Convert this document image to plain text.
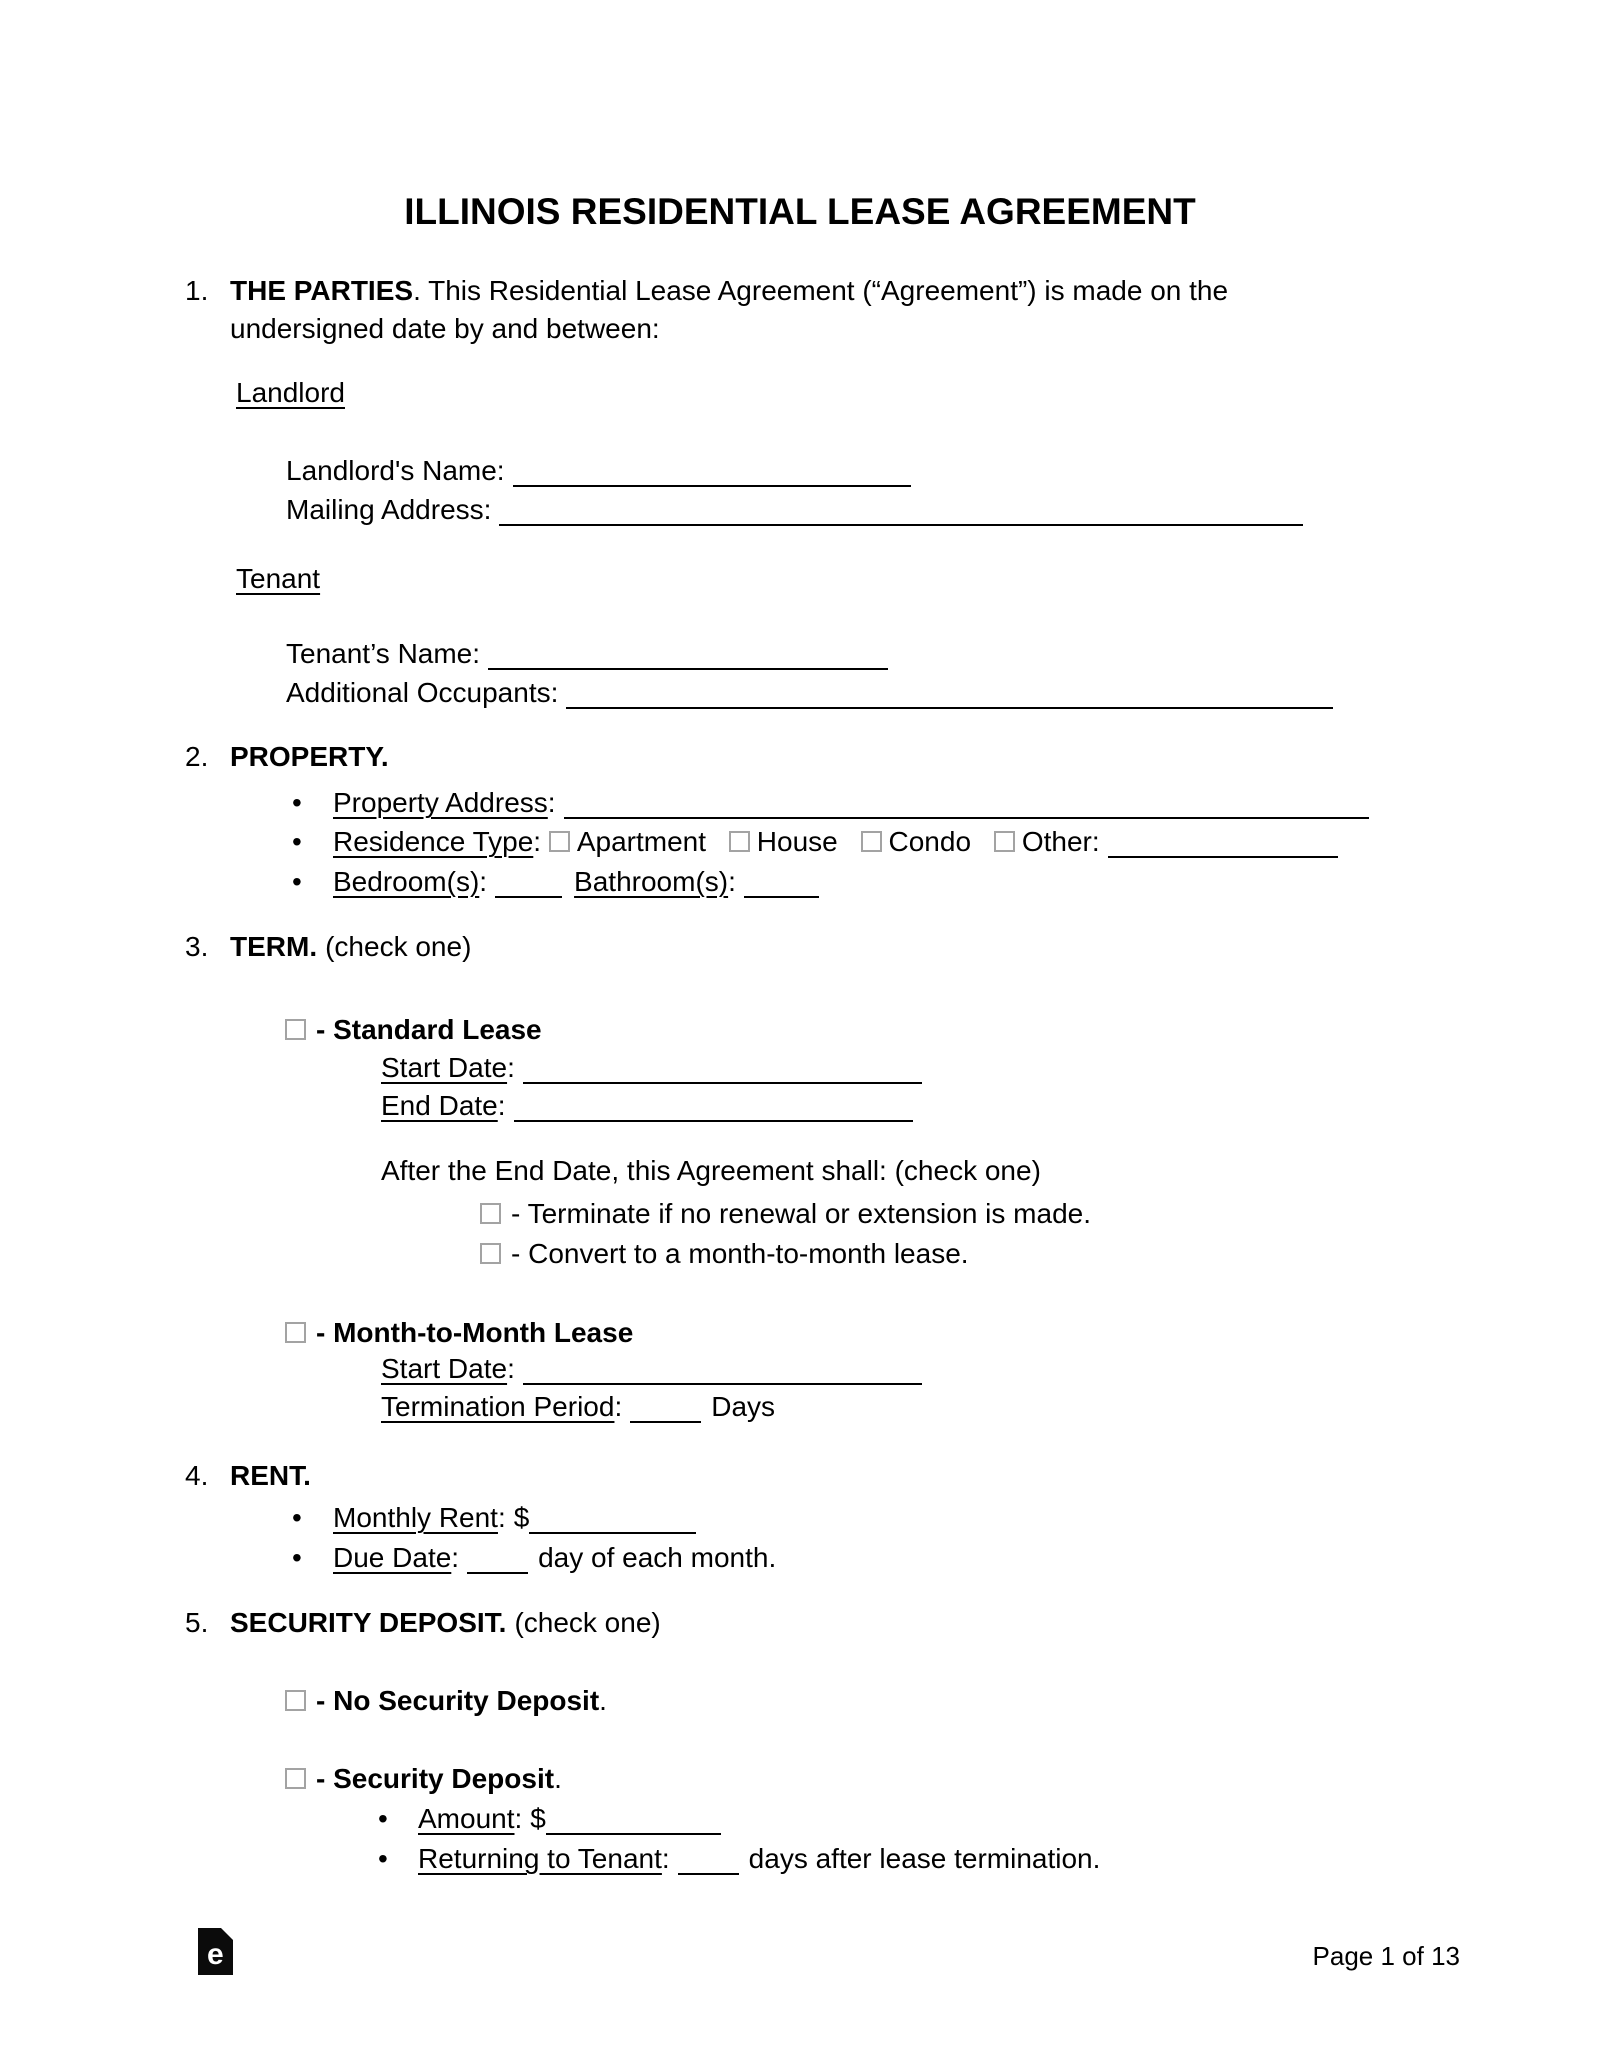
ILLINOIS RESIDENTIAL LEASE AGREEMENT
1. THE PARTIES. This Residential Lease Agreement (“Agreement”) is made on the
undersigned date by and between:
Landlord
Landlord's Name:
Mailing Address:
Tenant
Tenant’s Name:
Additional Occupants:
2. PROPERTY.
• Property Address:
• Residence Type: Apartment House Condo Other:
• Bedroom(s):	Bathroom(s):
3. TERM. (check one)
- Standard Lease
Start Date:
End Date:
After the End Date, this Agreement shall: (check one)
- Terminate if no renewal or extension is made.
- Convert to a month-to-month lease.
- Month-to-Month Lease
Start Date:
Termination Period:	Days
4. RENT.
• Monthly Rent: $
• Due Date:	day of each month.
5. SECURITY DEPOSIT. (check one)
- No Security Deposit.
- Security Deposit.
• Amount: $
• Returning to Tenant:	days after lease termination.
e	Page 1 of 13
